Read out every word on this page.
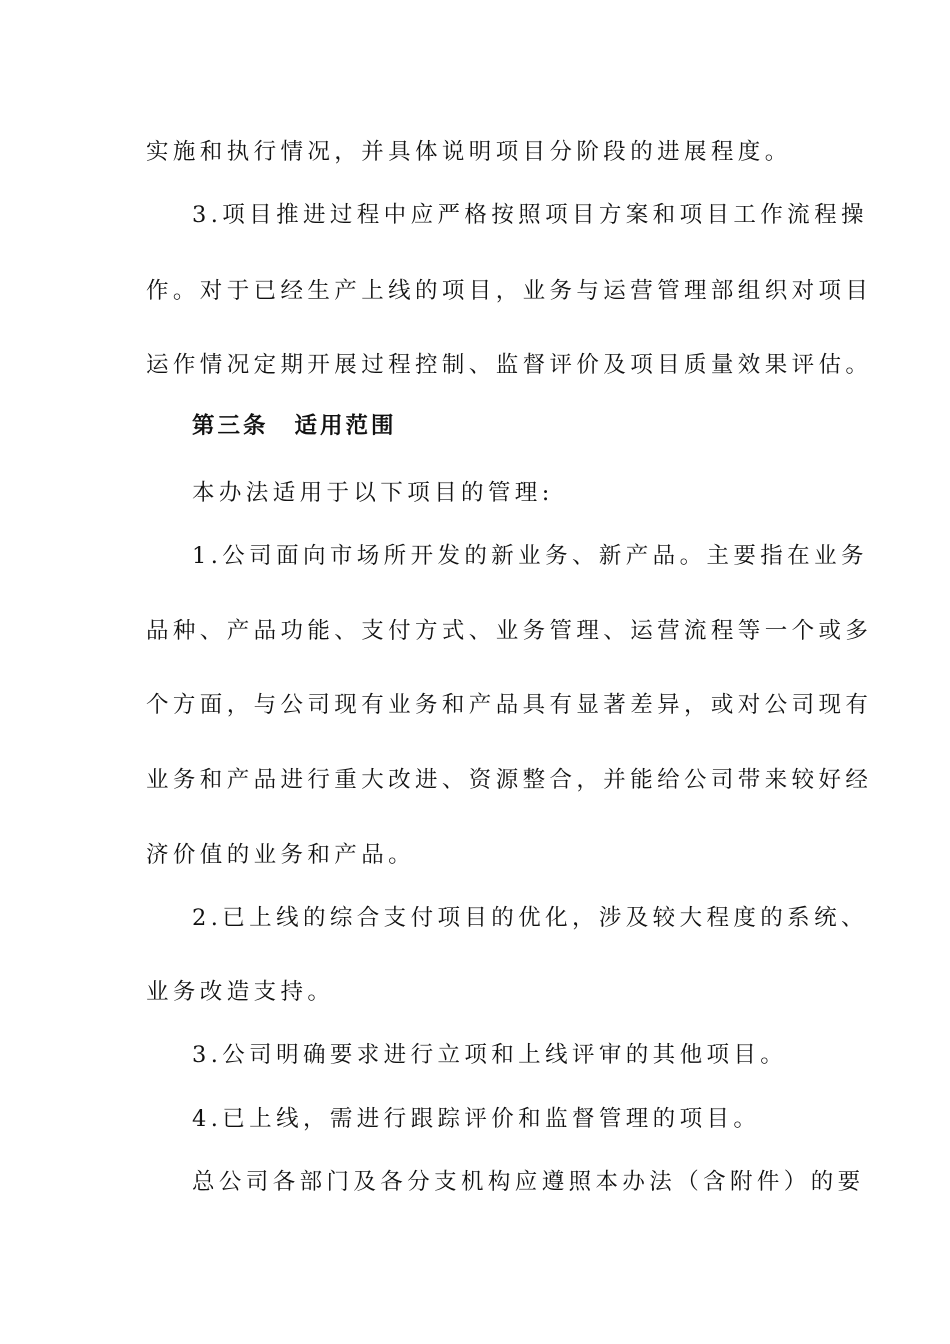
实施和执行情况，并具体说明项目分阶段的进展程度。
3.项目推进过程中应严格按照项目方案和项目工作流程操
作。对于已经生产上线的项目，业务与运营管理部组织对项目
运作情况定期开展过程控制、监督评价及项目质量效果评估。
第三条 适用范围
本办法适用于以下项目的管理:
1.公司面向市场所开发的新业务、新产品。主要指在业务
品种、产品功能、支付方式、业务管理、运营流程等一个或多
个方面，与公司现有业务和产品具有显著差异，或对公司现有
业务和产品进行重大改进、资源整合，并能给公司带来较好经
济价值的业务和产品。
2.已上线的综合支付项目的优化，涉及较大程度的系统、
业务改造支持。
3.公司明确要求进行立项和上线评审的其他项目。
4.已上线，需进行跟踪评价和监督管理的项目。
总公司各部门及各分支机构应遵照本办法（含附件）的要
